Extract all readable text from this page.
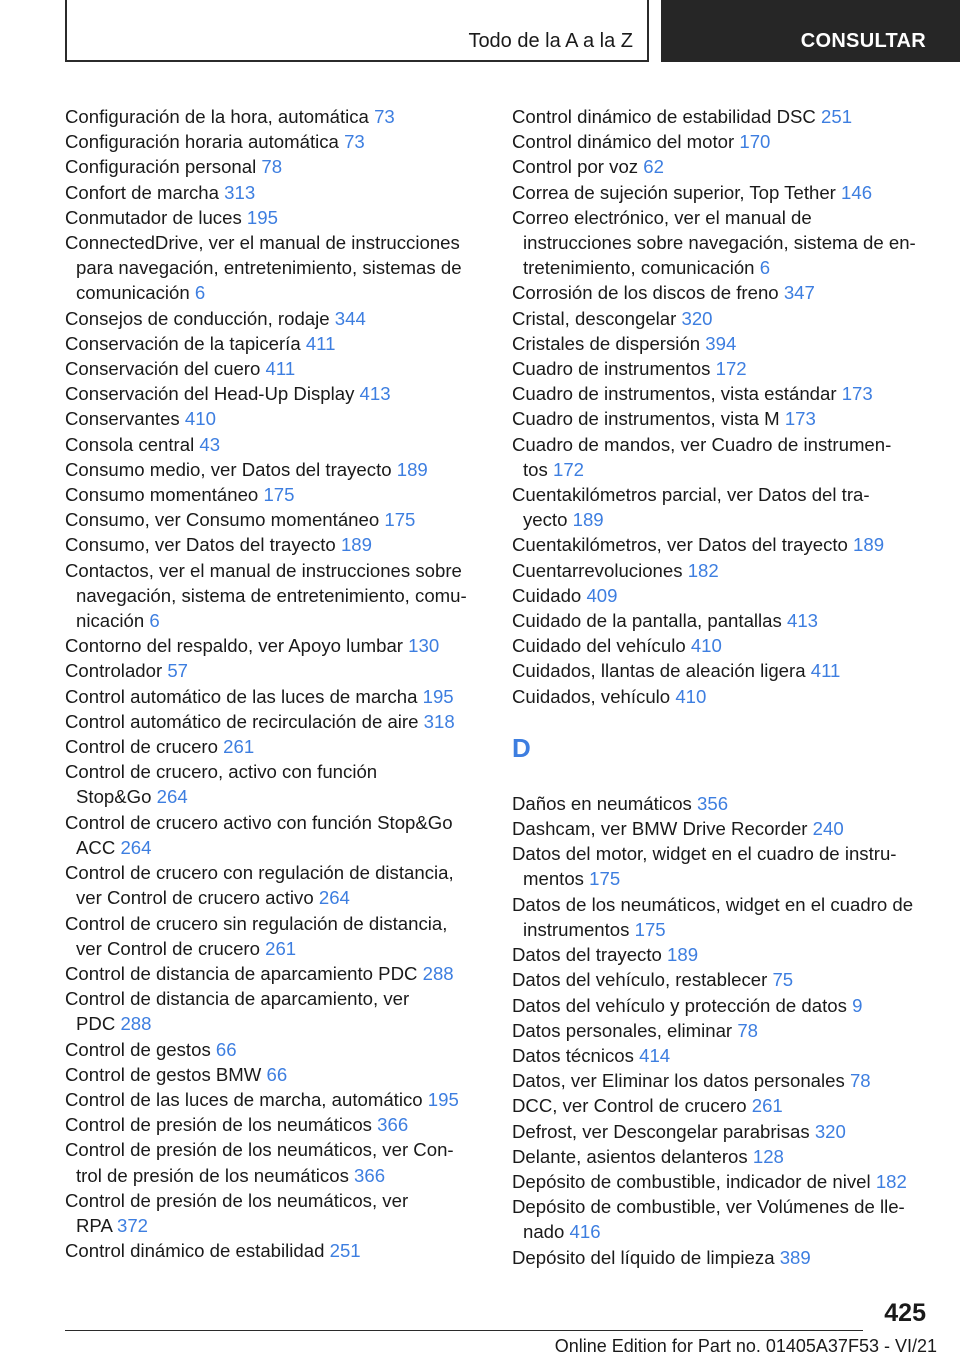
Todo de la A a la Z	CONSULTAR
Configuración de la hora, automática 73
Configuración horaria automática 73
Configuración personal 78
Confort de marcha 313
Conmutador de luces 195
ConnectedDrive, ver el manual de instrucciones
para navegación, entretenimiento, sistemas de
comunicación 6
Consejos de conducción, rodaje 344
Conservación de la tapicería 411
Conservación del cuero 411
Conservación del Head-Up Display 413
Conservantes 410
Consola central 43
Consumo medio, ver Datos del trayecto 189
Consumo momentáneo 175
Consumo, ver Consumo momentáneo 175
Consumo, ver Datos del trayecto 189
Contactos, ver el manual de instrucciones sobre
navegación, sistema de entretenimiento, comu-
nicación 6
Contorno del respaldo, ver Apoyo lumbar 130
Controlador 57
Control automático de las luces de marcha 195
Control automático de recirculación de aire 318
Control de crucero 261
Control de crucero, activo con función
Stop&Go 264
Control de crucero activo con función Stop&Go
ACC 264
Control de crucero con regulación de distancia,
ver Control de crucero activo 264
Control de crucero sin regulación de distancia,
ver Control de crucero 261
Control de distancia de aparcamiento PDC 288
Control de distancia de aparcamiento, ver
PDC 288
Control de gestos 66
Control de gestos BMW 66
Control de las luces de marcha, automático 195
Control de presión de los neumáticos 366
Control de presión de los neumáticos, ver Con-
trol de presión de los neumáticos 366
Control de presión de los neumáticos, ver
RPA 372
Control dinámico de estabilidad 251
Control dinámico de estabilidad DSC 251
Control dinámico del motor 170
Control por voz 62
Correa de sujeción superior, Top Tether 146
Correo electrónico, ver el manual de
instrucciones sobre navegación, sistema de en-
tretenimiento, comunicación 6
Corrosión de los discos de freno 347
Cristal, descongelar 320
Cristales de dispersión 394
Cuadro de instrumentos 172
Cuadro de instrumentos, vista estándar 173
Cuadro de instrumentos, vista M 173
Cuadro de mandos, ver Cuadro de instrumen-
tos 172
Cuentakilómetros parcial, ver Datos del tra-
yecto 189
Cuentakilómetros, ver Datos del trayecto 189
Cuentarrevoluciones 182
Cuidado 409
Cuidado de la pantalla, pantallas 413
Cuidado del vehículo 410
Cuidados, llantas de aleación ligera 411
Cuidados, vehículo 410
D
Daños en neumáticos 356
Dashcam, ver BMW Drive Recorder 240
Datos del motor, widget en el cuadro de instru-
mentos 175
Datos de los neumáticos, widget en el cuadro de
instrumentos 175
Datos del trayecto 189
Datos del vehículo, restablecer 75
Datos del vehículo y protección de datos 9
Datos personales, eliminar 78
Datos técnicos 414
Datos, ver Eliminar los datos personales 78
DCC, ver Control de crucero 261
Defrost, ver Descongelar parabrisas 320
Delante, asientos delanteros 128
Depósito de combustible, indicador de nivel 182
Depósito de combustible, ver Volúmenes de lle-
nado 416
Depósito del líquido de limpieza 389
425
Online Edition for Part no. 01405A37F53 - VI/21
